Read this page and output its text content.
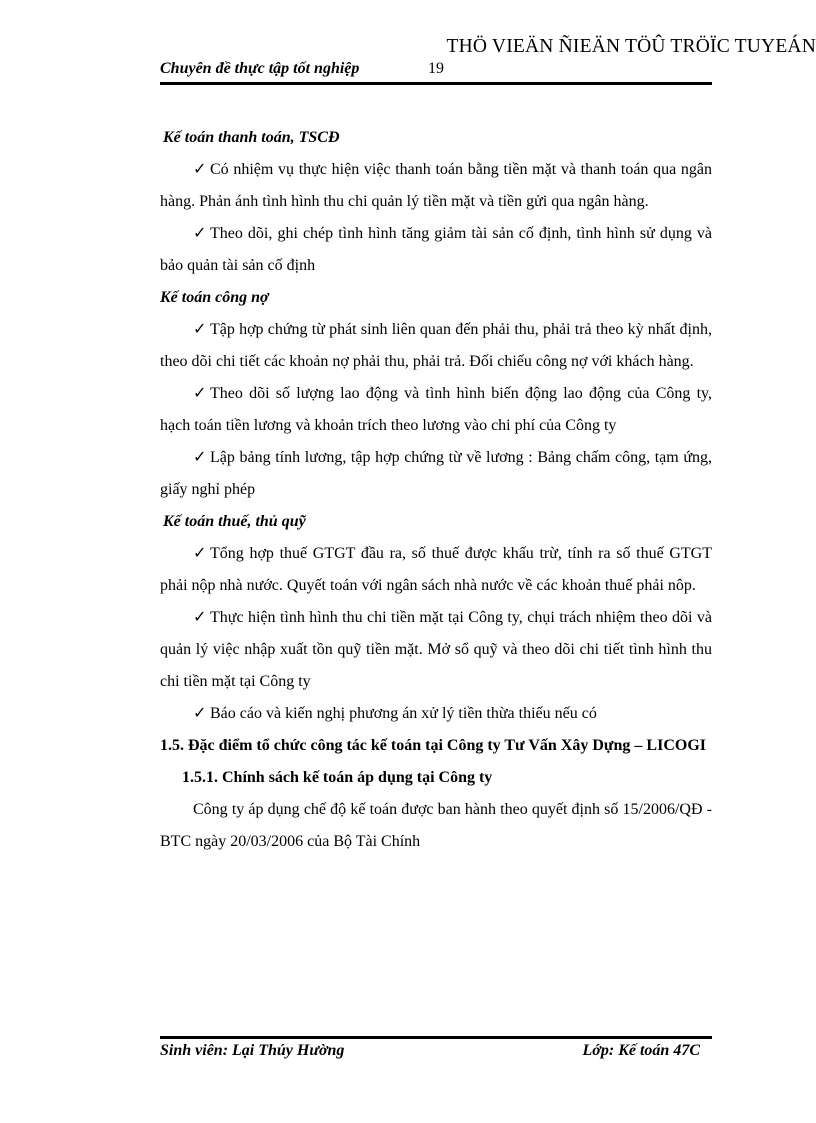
THÖ VIEÄN ÑIEÄN TÖÛ TRÖÏC TUYEÁN
Chuyên đề thực tập tốt nghiệp	19

Kế toán thanh toán, TSCĐ

✓ Có nhiệm vụ thực hiện việc thanh toán bằng tiền mặt và thanh toán qua ngân hàng. Phản ánh tình hình thu chi quản lý tiền mặt và tiền gửi qua ngân hàng.

✓ Theo dõi, ghi chép tình hình tăng giảm tài sản cố định, tình hình sử dụng và bảo quản tài sản cố định

Kế toán công nợ

✓ Tập hợp chứng từ phát sinh liên quan đến phải thu, phải trả theo kỳ nhất định, theo dõi chi tiết các khoản nợ phải thu, phải trả. Đối chiếu công nợ với khách hàng.

✓ Theo dõi số lượng lao động và tình hình biến động lao động của Công ty, hạch toán tiền lương và khoản trích theo lương vào chi phí của Công ty

✓ Lập bảng tính lương, tập hợp chứng từ về lương : Bảng chấm công, tạm ứng, giấy nghỉ phép

Kế toán thuế, thủ quỹ

✓ Tổng hợp thuế GTGT đầu ra, số thuế được khấu trừ, tính ra số thuế GTGT phải nộp nhà nước. Quyết toán với ngân sách nhà nước về các khoản thuế phải nôp.

✓ Thực hiện tình hình thu chi tiền mặt tại Công ty, chụi trách nhiệm theo dõi và quản lý việc nhập xuất tồn quỹ tiền mặt. Mở sổ quỹ và theo dõi chi tiết tình hình thu chi tiền mặt tại Công ty

✓ Báo cáo và kiến nghị phương án xử lý tiền thừa thiếu nếu có

1.5. Đặc điểm tổ chức công tác kế toán tại Công ty Tư Vấn Xây Dựng – LICOGI

1.5.1. Chính sách kế toán áp dụng tại Công ty

Công ty áp dụng chế độ kế toán được ban hành theo quyết định số 15/2006/QĐ -BTC ngày 20/03/2006 của Bộ Tài Chính

Sinh viên: Lại Thúy Hường	Lớp: Kế toán 47C
